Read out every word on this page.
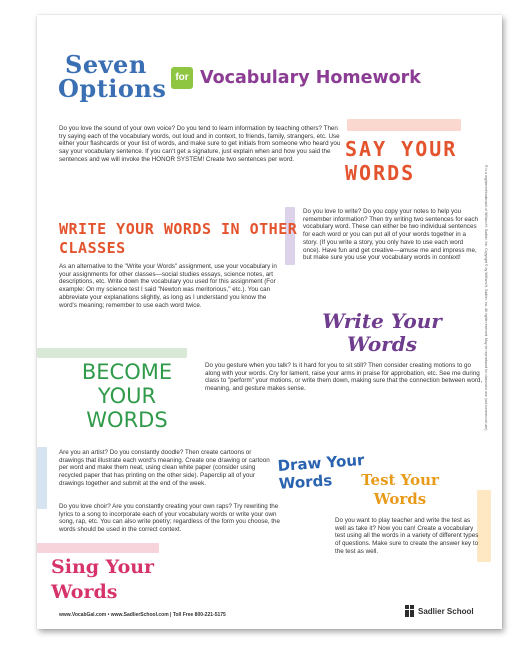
Seven
Options for Vocabulary Homework
Do you love the sound of your own voice? Do you tend to learn information by teaching others? Then try saying each of the vocabulary words, out loud and in context, to friends, family, strangers, etc. Use either your flashcards or your list of words, and make sure to get initials from someone who heard you say your vocabulary sentence. If you can't get a signature, just explain when and how you said the sentences and we will invoke the HONOR SYSTEM! Create two sentences per word.	SAY YOUR WORDS
WRITE YOUR WORDS IN OTHER CLASSES
As an alternative to the "Write your Words" assignment, use your vocabulary in your assignments for other classes—social studies essays, science notes, art descriptions, etc. Write down the vocabulary you used for this assignment (For example: On my science test I said "Newton was meritorious," etc.). You can abbreviate your explanations slightly, as long as I understand you know the word's meaning; remember to use each word twice.
Do you love to write? Do you copy your notes to help you remember information? Then try writing two sentences for each vocabulary word. These can either be two individual sentences for each word or you can put all of your words together in a story. (If you write a story, you only have to use each word once). Have fun and get creative—amuse me and impress me, but make sure you use your vocabulary words in context!
Write Your Words
BECOME YOUR WORDS
Do you gesture when you talk? Is it hard for you to sit still? Then consider creating motions to go along with your words. Cry for lament, raise your arms in praise for approbation, etc. See me during class to "perform" your motions, or write them down, making sure that the connection between word, meaning, and gesture makes sense.
Are you an artist? Do you constantly doodle? Then create cartoons or drawings that illustrate each word's meaning. Create one drawing or cartoon per word and make them neat, using clean white paper (consider using recycled paper that has printing on the other side). Paperclip all of your drawings together and submit at the end of the week.
Draw Your Words	Test Your Words
Do you want to play teacher and write the test as well as take it? Now you can! Create a vocabulary test using all the words in a variety of different types of questions. Make sure to create the answer key to the test as well.
Do you love choir? Are you constantly creating your own raps? Try rewriting the lyrics to a song to incorporate each of your vocabulary words or write your own song, rap, etc. You can also write poetry; regardless of the form you choose, the words should be used in the correct context.
Sing Your Words
® is a registered trademark of William H. Sadlier, Inc. Copyright © by William H. Sadlier, Inc. All rights reserved. May be reproduced for classroom use (not commercial use).
www.VocabGal.com • www.SadlierSchool.com | Toll Free 800-221-5175	Sadlier School
